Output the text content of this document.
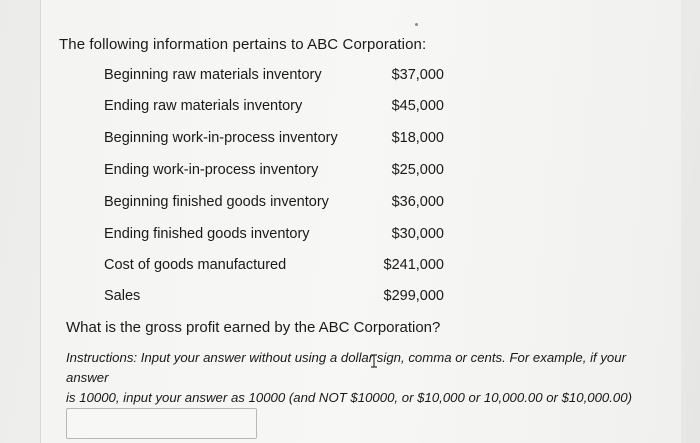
The following information pertains to ABC Corporation:
Beginning raw materials inventory	$37,000
Ending raw materials inventory	$45,000
Beginning work-in-process inventory	$18,000
Ending work-in-process inventory	$25,000
Beginning finished goods inventory	$36,000
Ending finished goods inventory	$30,000
Cost of goods manufactured	$241,000
Sales	$299,000
What is the gross profit earned by the ABC Corporation?
Instructions: Input your answer without using a dollar sign, comma or cents. For example, if your answer
is 10000, input your answer as 10000 (and NOT $10000, or $10,000 or 10,000.00 or $10,000.00)
